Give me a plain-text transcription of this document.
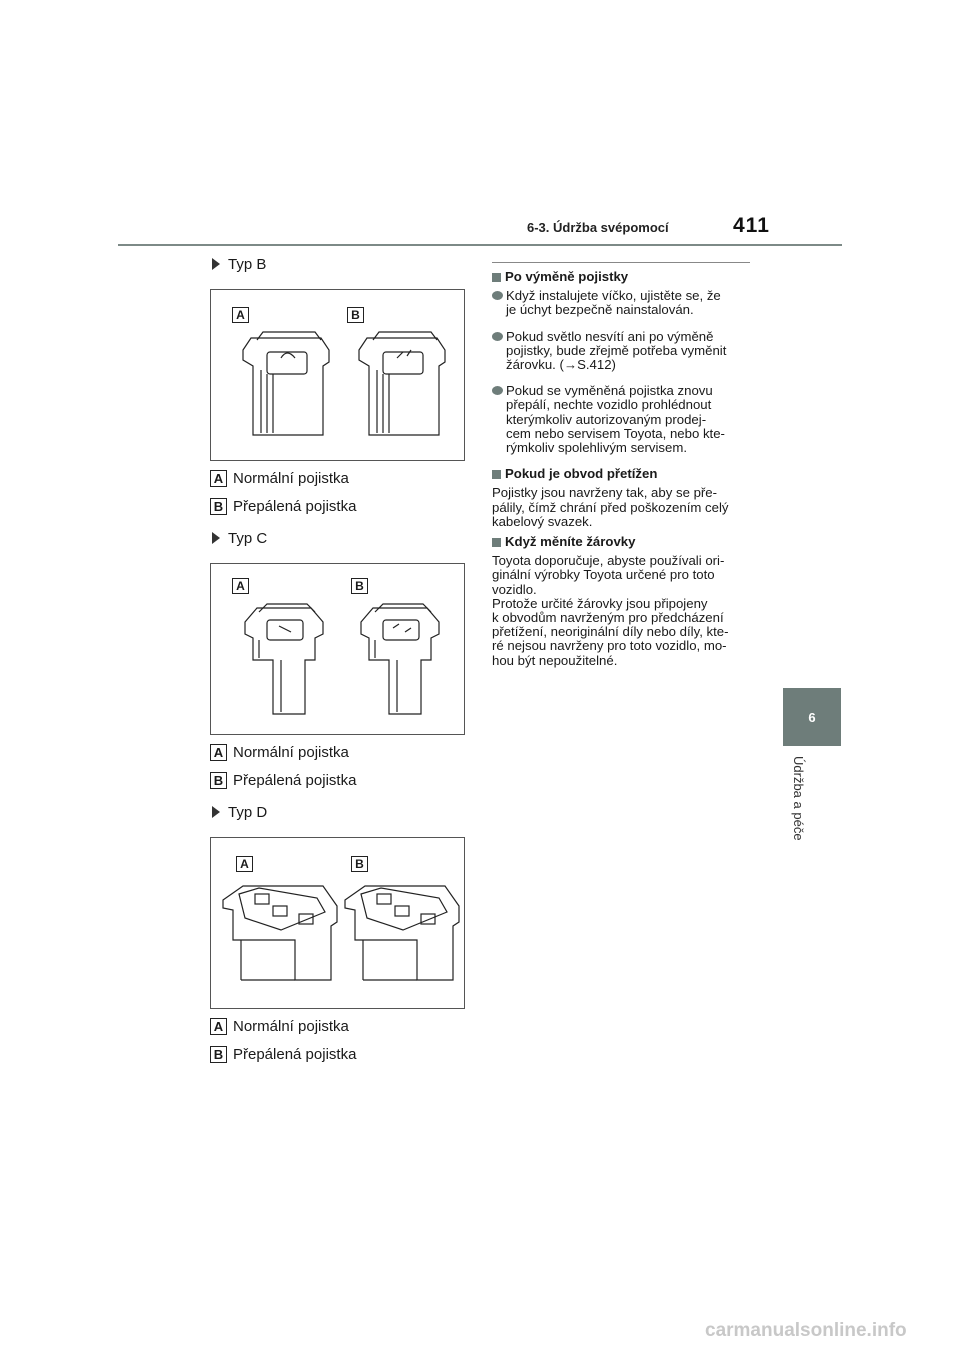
6-3. Údržba svépomocí	411
6
Údržba a péče
Typ B
A	B
A Normální pojistka
B Přepálená pojistka
Typ C
A	B
A Normální pojistka
B Přepálená pojistka
Typ D
A	B
A Normální pojistka
B Přepálená pojistka
Po výměně pojistky
Když instalujete víčko, ujistěte se, že
je úchyt bezpečně nainstalován.
Pokud světlo nesvítí ani po výměně
pojistky, bude zřejmě potřeba vyměnit
žárovku. (→S.412)
Pokud se vyměněná pojistka znovu
přepálí, nechte vozidlo prohlédnout
kterýmkoliv autorizovaným prodej-
cem nebo servisem Toyota, nebo kte-
rýmkoliv spolehlivým servisem.
Pokud je obvod přetížen
Pojistky jsou navrženy tak, aby se pře-
pálily, čímž chrání před poškozením celý
kabelový svazek.
Když měníte žárovky
Toyota doporučuje, abyste používali ori-
ginální výrobky Toyota určené pro toto
vozidlo.
Protože určité žárovky jsou připojeny
k obvodům navrženým pro předcházení
přetížení, neoriginální díly nebo díly, kte-
ré nejsou navrženy pro toto vozidlo, mo-
hou být nepoužitelné.
carmanualsonline.info
